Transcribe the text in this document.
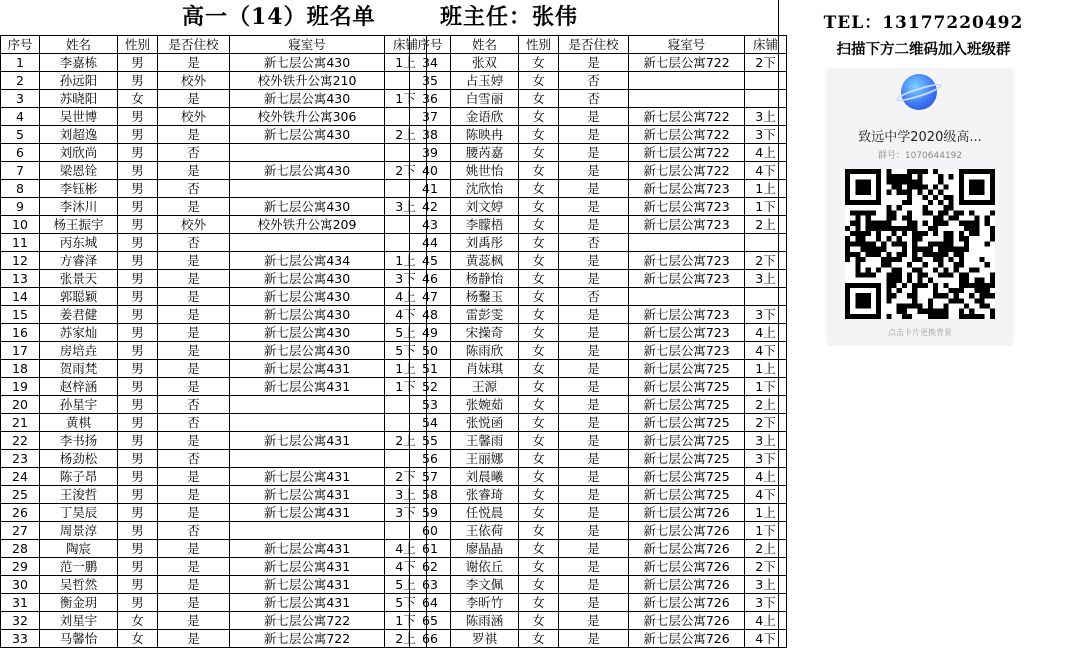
高一（14）班名单	班主任：张伟
序号	姓名	性别	是否住校	寝室号	床铺
1	李嘉栋	男	是	新七层公寓430	1上
2	孙远阳	男	校外	校外铁升公寓210	
3	苏晓阳	女	是	新七层公寓430	1下
4	吴世博	男	校外	校外铁升公寓306	
5	刘超逸	男	是	新七层公寓430	2上
6	刘欣尚	男	否		
7	梁恩铨	男	是	新七层公寓430	2下
8	李钰彬	男	否		
9	李沐川	男	是	新七层公寓430	3上
10	杨王振宇	男	校外	校外铁升公寓209	
11	丙东城	男	否		
12	方睿泽	男	是	新七层公寓434	1上
13	张景天	男	是	新七层公寓430	3下
14	郭聪颖	男	是	新七层公寓430	4上
15	姜君健	男	是	新七层公寓430	4下
16	苏家灿	男	是	新七层公寓430	5上
17	房培垚	男	是	新七层公寓430	5下
18	贺雨梵	男	是	新七层公寓431	1上
19	赵梓涵	男	是	新七层公寓431	1下
20	孙星宇	男	否		
21	黄棋	男	否		
22	李书扬	男	是	新七层公寓431	2上
23	杨劲松	男	否		
24	陈子昂	男	是	新七层公寓431	2下
25	王浚哲	男	是	新七层公寓431	3上
26	丁昊辰	男	是	新七层公寓431	3下
27	周景淳	男	否		
28	陶宸	男	是	新七层公寓431	4上
29	范一鹏	男	是	新七层公寓431	4下
30	吴哲然	男	是	新七层公寓431	5上
31	衡金玥	男	是	新七层公寓431	5下
32	刘星宇	女	是	新七层公寓722	1下
33	马馨怡	女	是	新七层公寓722	2上
序号	姓名	性别	是否住校	寝室号	床铺
34	张双	女	是	新七层公寓722	2下
35	占玉婷	女	否		
36	白雪丽	女	否		
37	金语欣	女	是	新七层公寓722	3上
38	陈映冉	女	是	新七层公寓722	3下
39	腰芮嘉	女	是	新七层公寓722	4上
40	姚世怡	女	是	新七层公寓722	4下
41	沈欣怡	女	是	新七层公寓723	1上
42	刘文婷	女	是	新七层公寓723	1下
43	李朦梧	女	是	新七层公寓723	2上
44	刘禹彤	女	否		
45	黄蕊枫	女	是	新七层公寓723	2下
46	杨静怡	女	是	新七层公寓723	3上
47	杨鑿玉	女	否		
48	雷彭雯	女	是	新七层公寓723	3下
49	宋操奇	女	是	新七层公寓723	4上
50	陈雨欣	女	是	新七层公寓723	4下
51	肖妹琪	女	是	新七层公寓725	1上
52	王源	女	是	新七层公寓725	1下
53	张婉茹	女	是	新七层公寓725	2上
54	张悦函	女	是	新七层公寓725	2下
55	王馨雨	女	是	新七层公寓725	3上
56	王丽娜	女	是	新七层公寓725	3下
57	刘晨曦	女	是	新七层公寓725	4上
58	张睿琦	女	是	新七层公寓725	4下
59	任悦晨	女	是	新七层公寓726	1上
60	王依荷	女	是	新七层公寓726	1下
61	廖晶晶	女	是	新七层公寓726	2上
62	谢依丘	女	是	新七层公寓726	2下
63	李文佩	女	是	新七层公寓726	3上
64	李昕竹	女	是	新七层公寓726	3下
65	陈雨涵	女	是	新七层公寓726	4上
66	罗祺	女	是	新七层公寓726	4下
TEL：13177220492
扫描下方二维码加入班级群
致远中学2020级高...
群号：1070644192
点击卡片更换背景
